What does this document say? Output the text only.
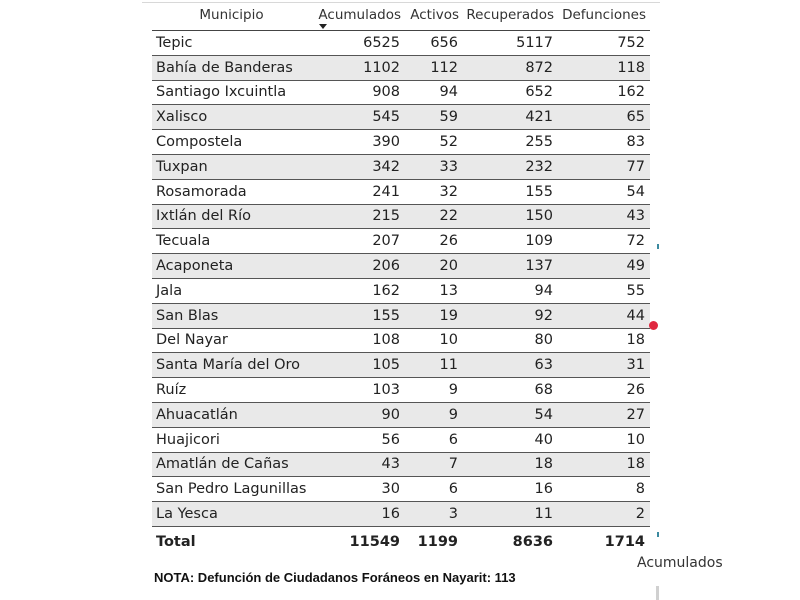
Municipio	Acumulados	Activos	Recuperados	Defunciones
Tepic	6525	656	5117	752
Bahía de Banderas	1102	112	872	118
Santiago Ixcuintla	908	94	652	162
Xalisco	545	59	421	65
Compostela	390	52	255	83
Tuxpan	342	33	232	77
Rosamorada	241	32	155	54
Ixtlán del Río	215	22	150	43
Tecuala	207	26	109	72
Acaponeta	206	20	137	49
Jala	162	13	94	55
San Blas	155	19	92	44
Del Nayar	108	10	80	18
Santa María del Oro	105	11	63	31
Ruíz	103	9	68	26
Ahuacatlán	90	9	54	27
Huajicori	56	6	40	10
Amatlán de Cañas	43	7	18	18
San Pedro Lagunillas	30	6	16	8
La Yesca	16	3	11	2
Total	11549	1199	8636	1714
Acumulados
NOTA: Defunción de Ciudadanos Foráneos en Nayarit: 113
